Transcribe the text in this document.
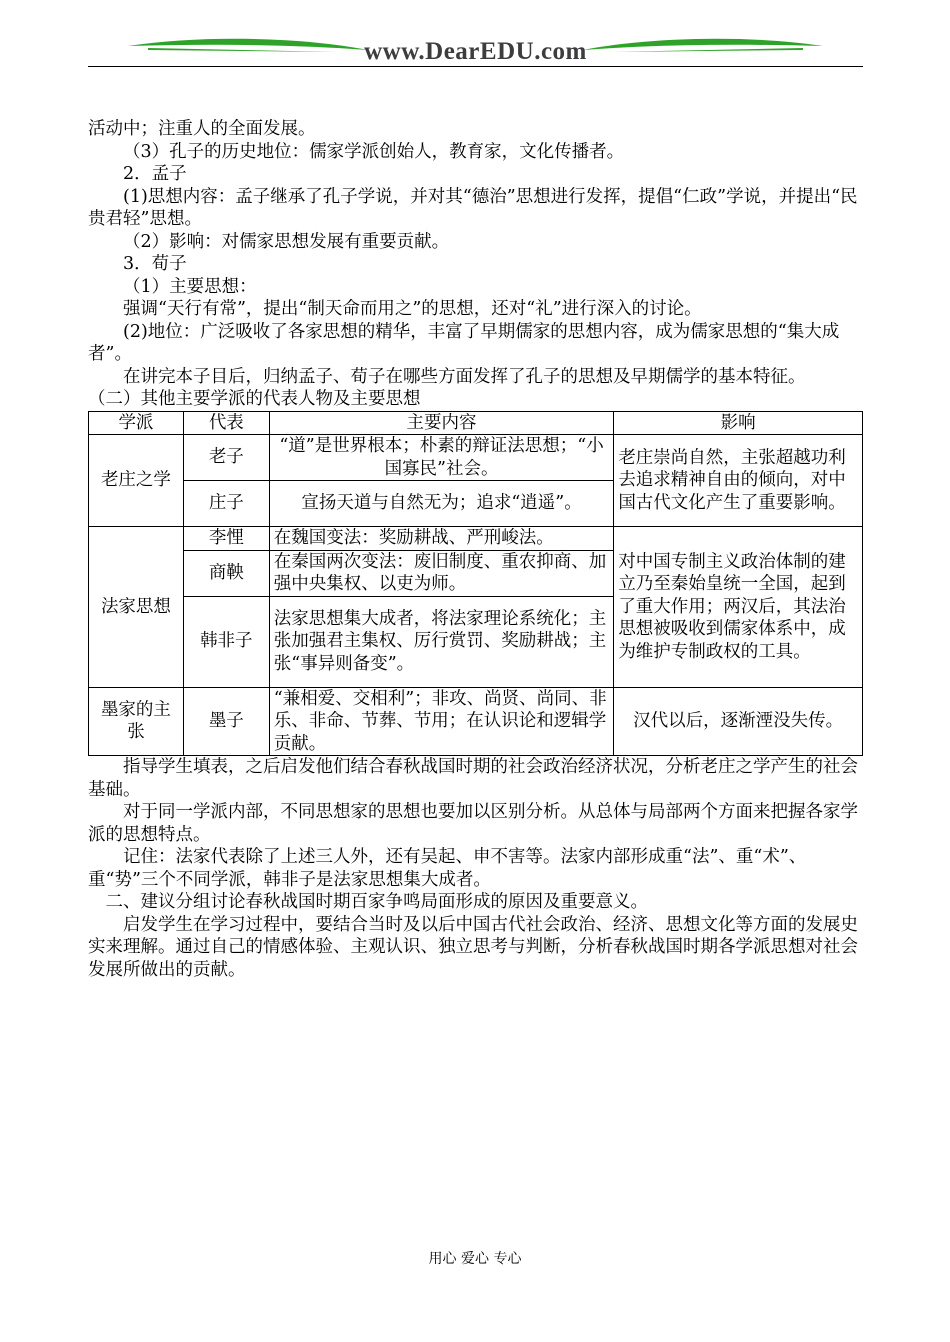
www.DearEDU.com

活动中；注重人的全面发展。

（3）孔子的历史地位：儒家学派创始人，教育家，文化传播者。

2．孟子

(1)思想内容：孟子继承了孔子学说，并对其“德治”思想进行发挥，提倡“仁政”学说，并提出“民贵君轻”思想。

（2）影响：对儒家思想发展有重要贡献。

3．荀子

（1）主要思想：

强调“天行有常”，提出“制天命而用之”的思想，还对“礼”进行深入的讨论。

(2)地位：广泛吸收了各家思想的精华，丰富了早期儒家的思想内容，成为儒家思想的“集大成者”。

在讲完本子目后，归纳孟子、荀子在哪些方面发挥了孔子的思想及早期儒学的基本特征。

（二）其他主要学派的代表人物及主要思想

学派	代表	主要内容	影响
老庄之学	老子	“道”是世界根本；朴素的辩证法思想；“小国寡民”社会。	老庄崇尚自然，主张超越功利去追求精神自由的倾向，对中国古代文化产生了重要影响。
	庄子	宣扬天道与自然无为；追求“逍遥”。	
法家思想	李悝	在魏国变法：奖励耕战、严刑峻法。	对中国专制主义政治体制的建立乃至秦始皇统一全国，起到了重大作用；两汉后，其法治思想被吸收到儒家体系中，成为维护专制政权的工具。
	商鞅	在秦国两次变法：废旧制度、重农抑商、加强中央集权、以吏为师。	
	韩非子	法家思想集大成者，将法家理论系统化；主张加强君主集权、厉行赏罚、奖励耕战；主张“事异则备变”。	
墨家的主张	墨子	“兼相爱、交相利”；非攻、尚贤、尚同、非乐、非命、节葬、节用；在认识论和逻辑学贡献。	汉代以后，逐渐湮没失传。

指导学生填表，之后启发他们结合春秋战国时期的社会政治经济状况，分析老庄之学产生的社会基础。

对于同一学派内部，不同思想家的思想也要加以区别分析。从总体与局部两个方面来把握各家学派的思想特点。

记住：法家代表除了上述三人外，还有吴起、申不害等。法家内部形成重“法”、重“术”、重“势”三个不同学派，韩非子是法家思想集大成者。

二、建议分组讨论春秋战国时期百家争鸣局面形成的原因及重要意义。

启发学生在学习过程中，要结合当时及以后中国古代社会政治、经济、思想文化等方面的发展史实来理解。通过自己的情感体验、主观认识、独立思考与判断，分析春秋战国时期各学派思想对社会发展所做出的贡献。

用心 爱心 专心
